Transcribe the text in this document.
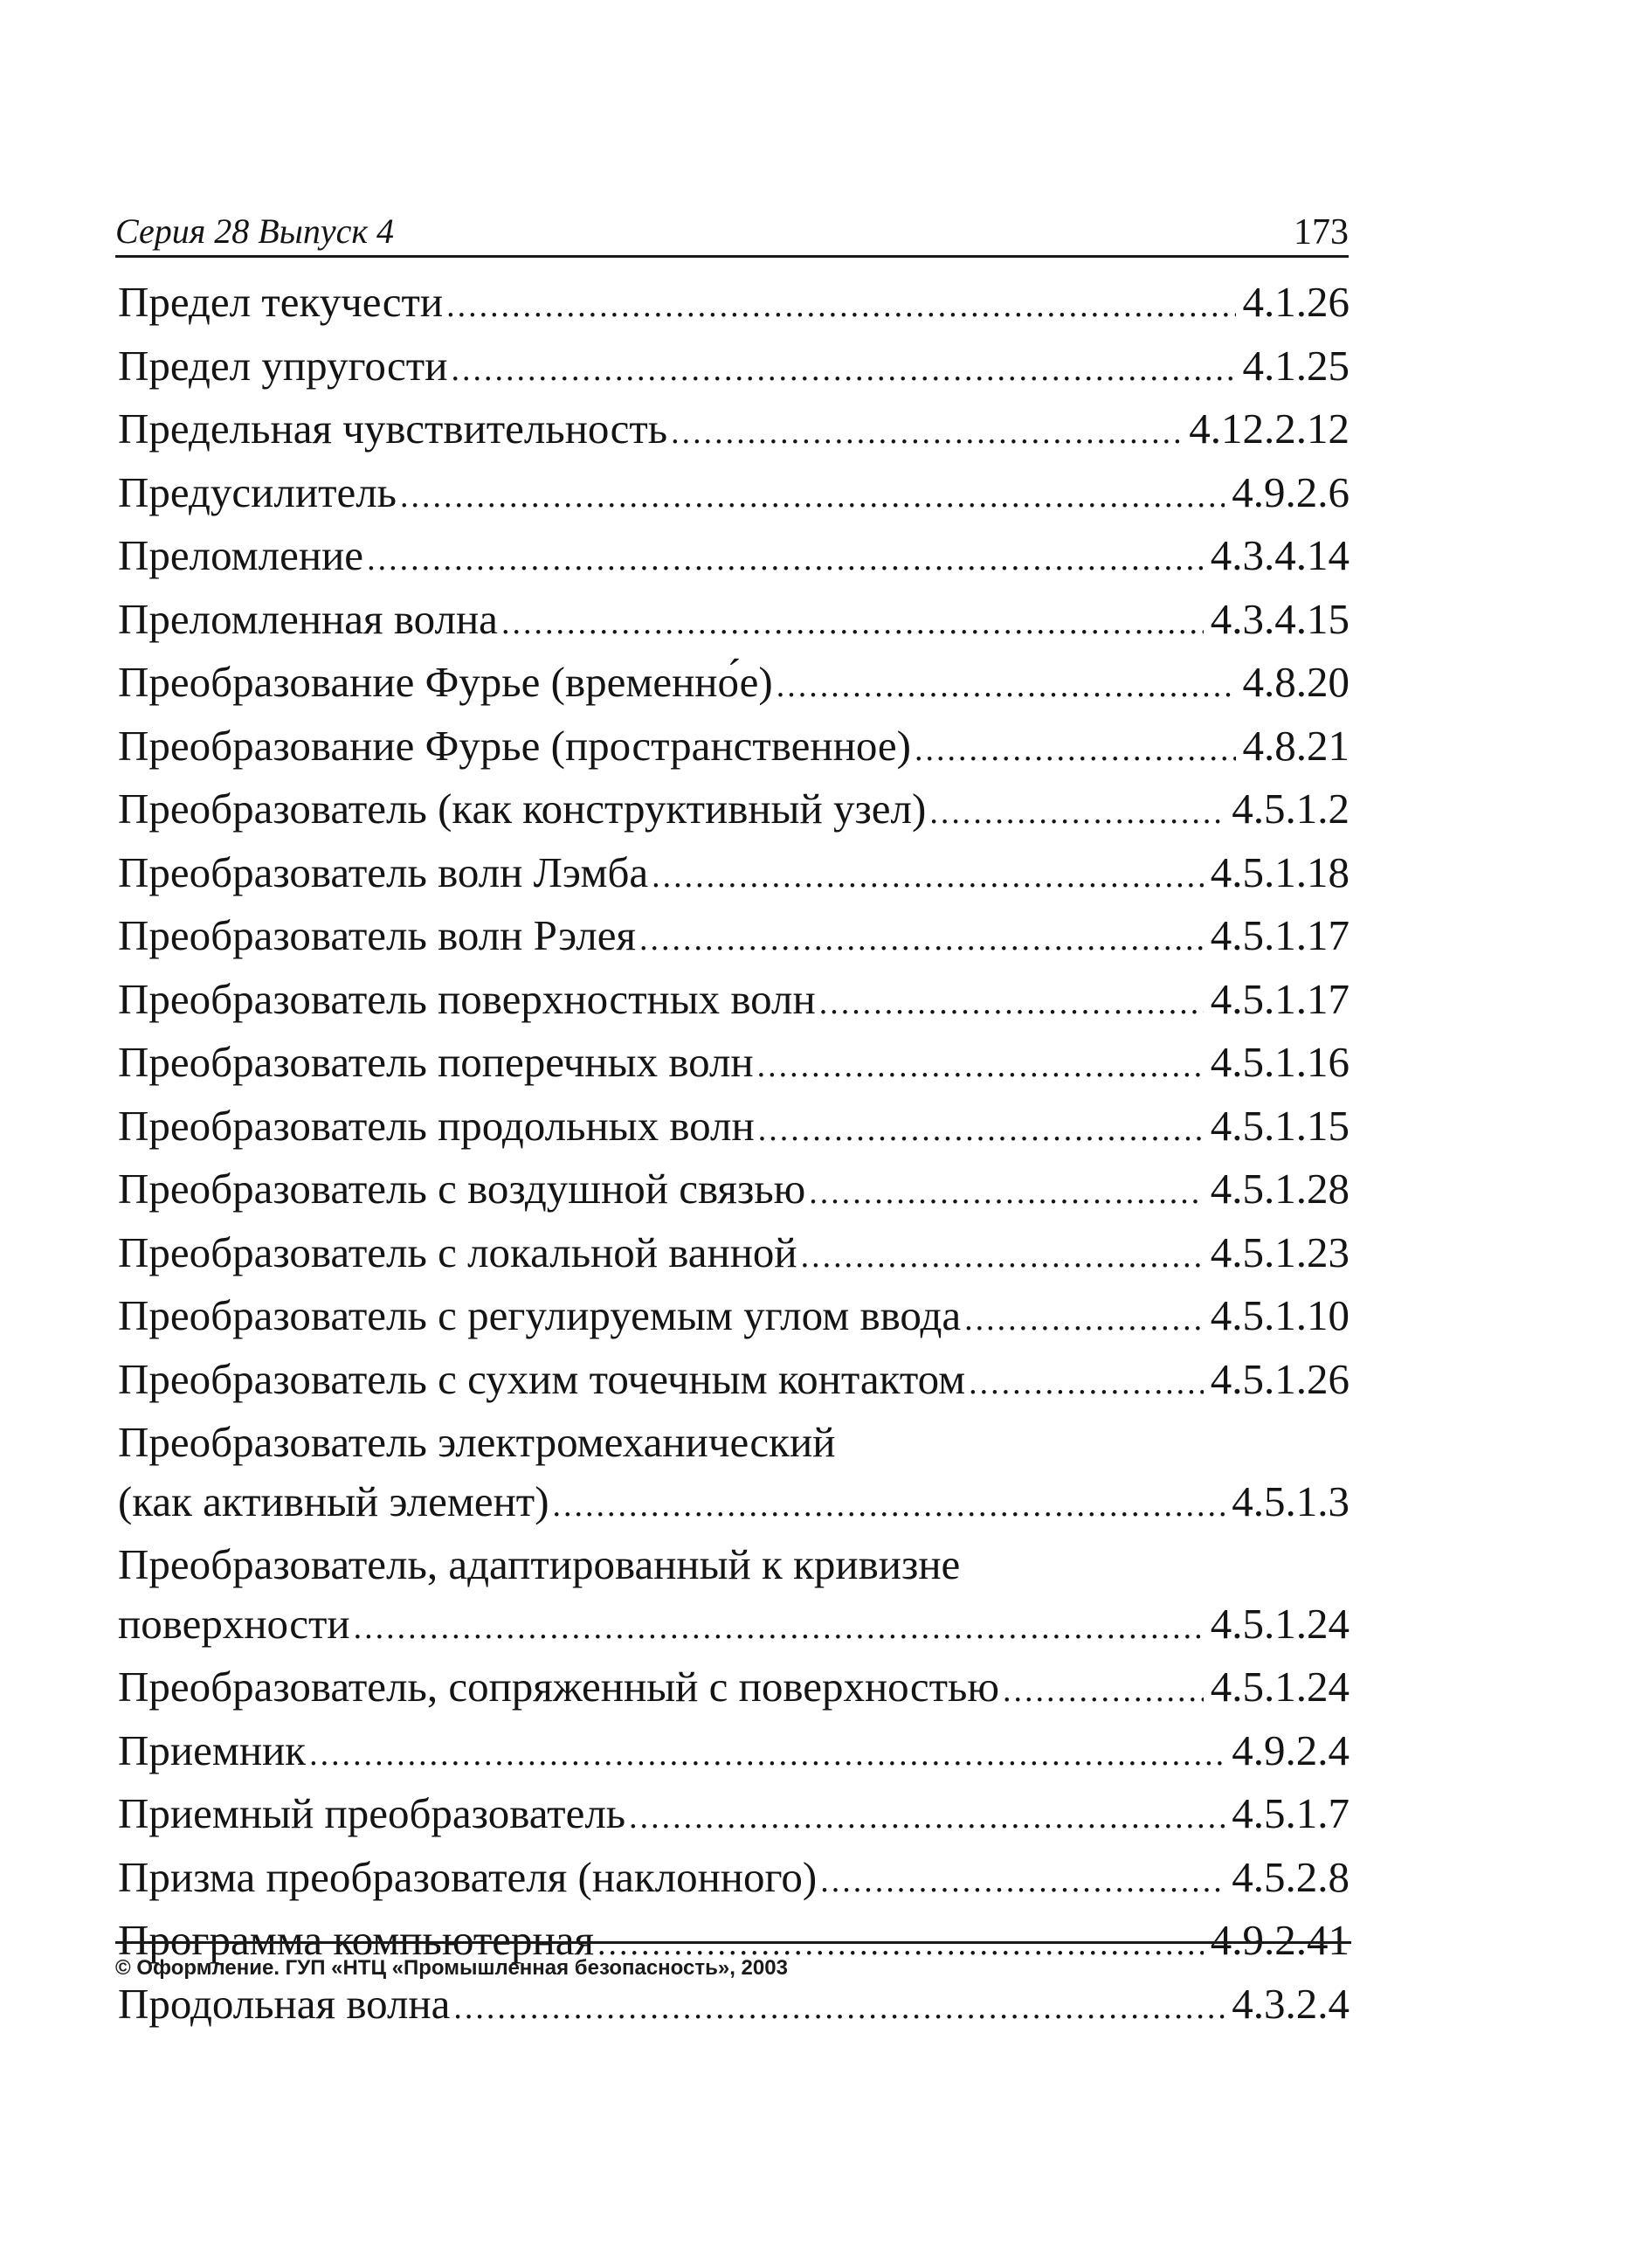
Серия 28 Выпуск 4	173
Предел текучести .....	4.1.26
Предел упругости .....	4.1.25
Предельная чувствительность .....	4.12.2.12
Предусилитель .....	4.9.2.6
Преломление .....	4.3.4.14
Преломленная волна .....	4.3.4.15
Преобразование Фурье (временно́е) .....	4.8.20
Преобразование Фурье (пространственное) .....	4.8.21
Преобразователь (как конструктивный узел) .....	4.5.1.2
Преобразователь волн Лэмба .....	4.5.1.18
Преобразователь волн Рэлея .....	4.5.1.17
Преобразователь поверхностных волн .....	4.5.1.17
Преобразователь поперечных волн .....	4.5.1.16
Преобразователь продольных волн .....	4.5.1.15
Преобразователь с воздушной связью .....	4.5.1.28
Преобразователь с локальной ванной .....	4.5.1.23
Преобразователь с регулируемым углом ввода .....	4.5.1.10
Преобразователь с сухим точечным контактом .....	4.5.1.26
Преобразователь электромеханический
(как активный элемент) .....	4.5.1.3
Преобразователь, адаптированный к кривизне
поверхности .....	4.5.1.24
Преобразователь, сопряженный с поверхностью .....	4.5.1.24
Приемник .....	4.9.2.4
Приемный преобразователь .....	4.5.1.7
Призма преобразователя (наклонного) .....	4.5.2.8
Программа компьютерная .....	4.9.2.41
Продольная волна .....	4.3.2.4
© Оформление. ГУП «НТЦ «Промышленная безопасность», 2003
